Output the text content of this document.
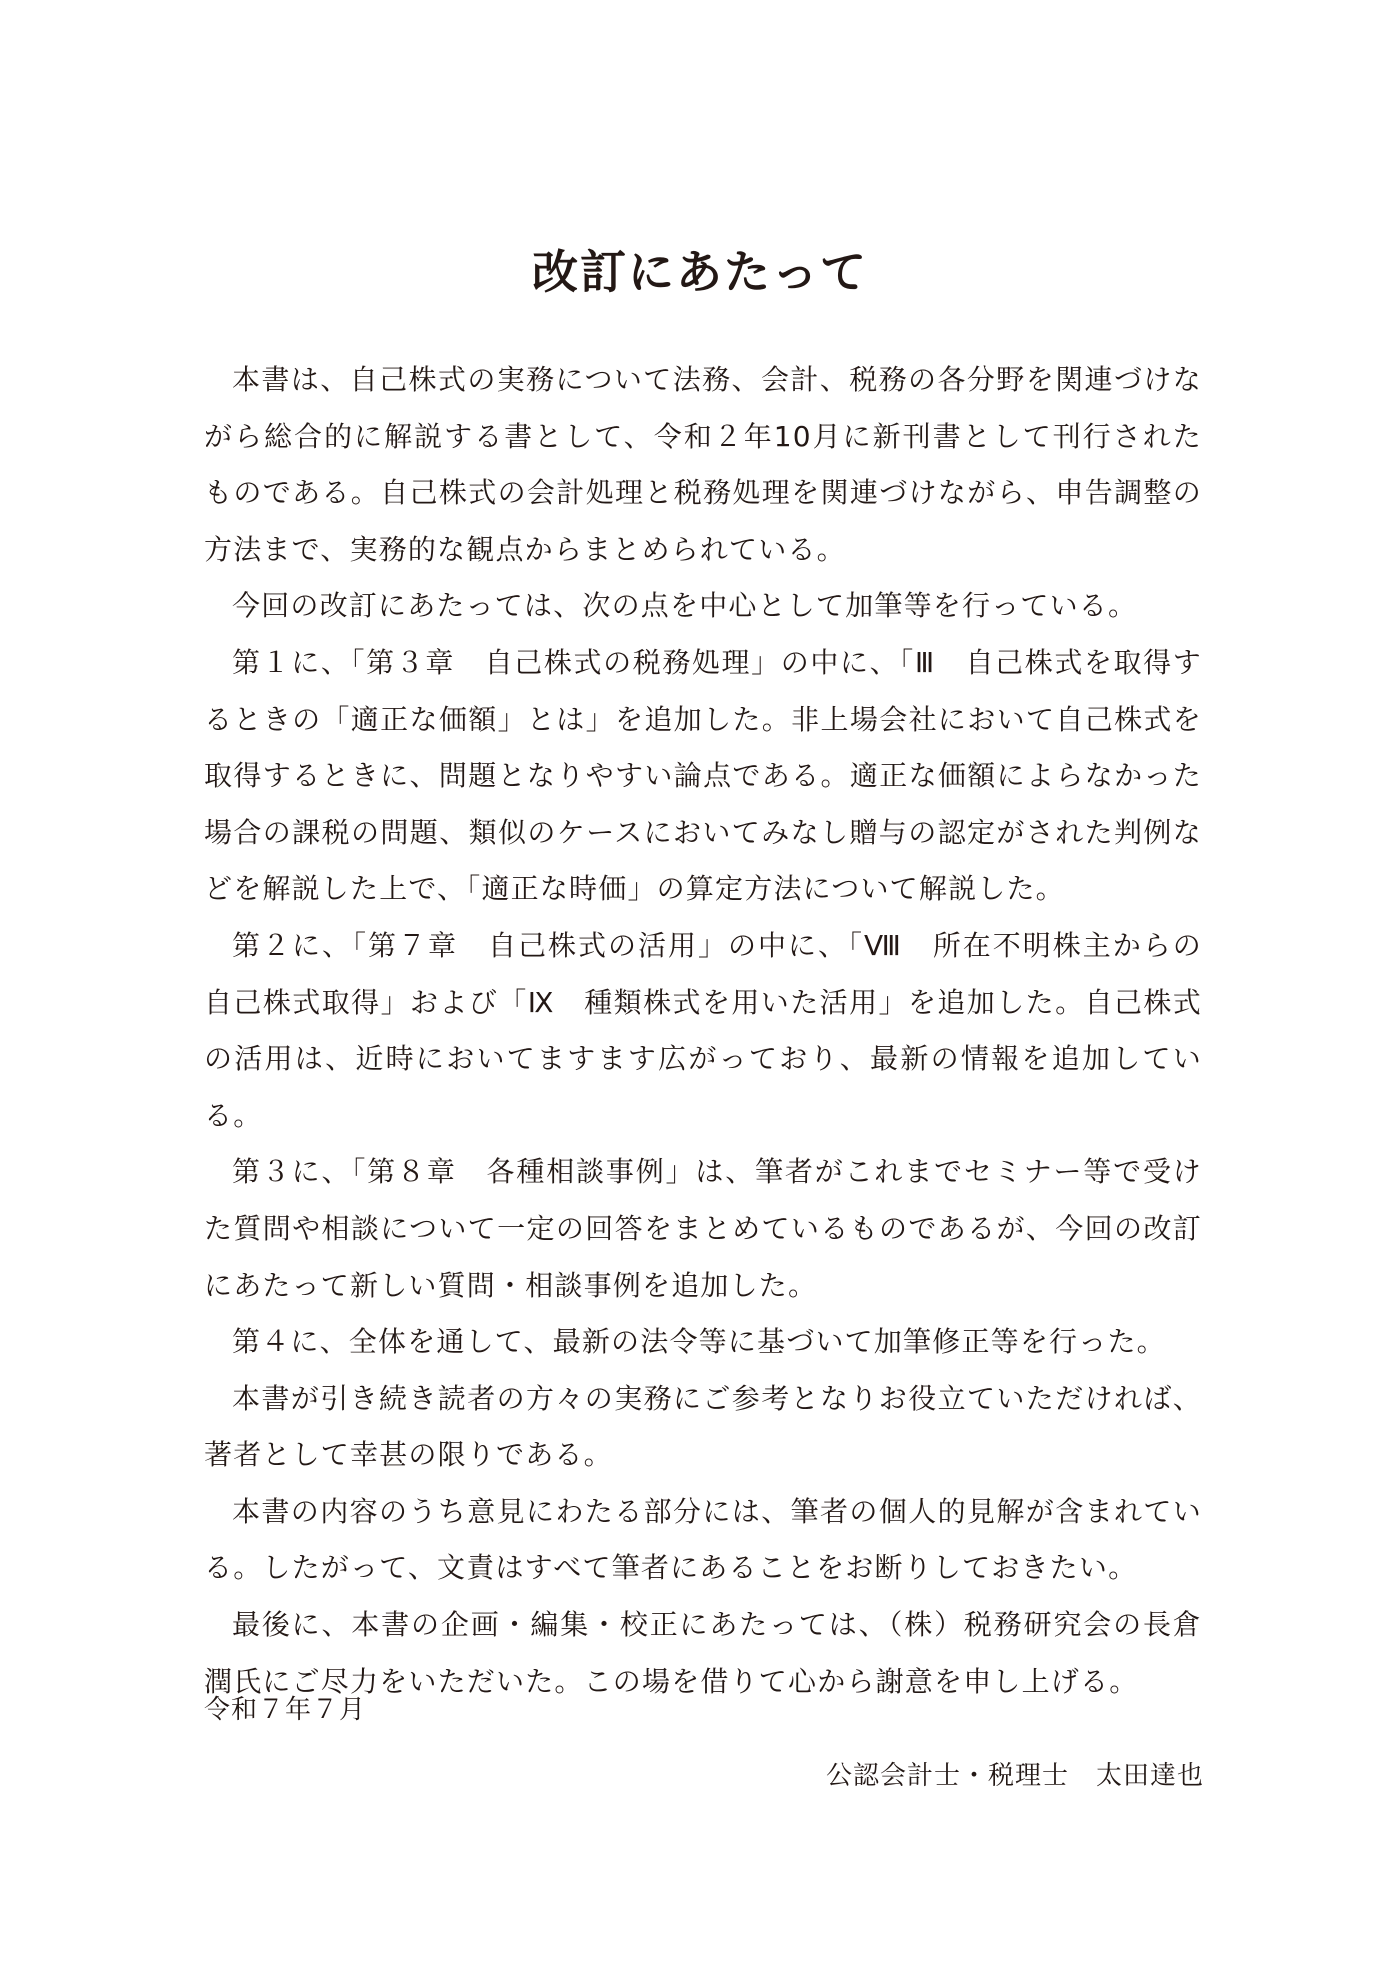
改訂にあたって

本書は、自己株式の実務について法務、会計、税務の各分野を関連づけながら総合的に解説する書として、令和２年10月に新刊書として刊行されたものである。自己株式の会計処理と税務処理を関連づけながら、申告調整の方法まで、実務的な観点からまとめられている。

今回の改訂にあたっては、次の点を中心として加筆等を行っている。

第１に、「第３章　自己株式の税務処理」の中に、「Ⅲ　自己株式を取得するときの「適正な価額」とは」を追加した。非上場会社において自己株式を取得するときに、問題となりやすい論点である。適正な価額によらなかった場合の課税の問題、類似のケースにおいてみなし贈与の認定がされた判例などを解説した上で、「適正な時価」の算定方法について解説した。

第２に、「第７章　自己株式の活用」の中に、「Ⅷ　所在不明株主からの自己株式取得」および「Ⅸ　種類株式を用いた活用」を追加した。自己株式の活用は、近時においてますます広がっており、最新の情報を追加している。

第３に、「第８章　各種相談事例」は、筆者がこれまでセミナー等で受けた質問や相談について一定の回答をまとめているものであるが、今回の改訂にあたって新しい質問・相談事例を追加した。

第４に、全体を通して、最新の法令等に基づいて加筆修正等を行った。

本書が引き続き読者の方々の実務にご参考となりお役立ていただければ、著者として幸甚の限りである。

本書の内容のうち意見にわたる部分には、筆者の個人的見解が含まれている。したがって、文責はすべて筆者にあることをお断りしておきたい。

最後に、本書の企画・編集・校正にあたっては、（株）税務研究会の長倉潤氏にご尽力をいただいた。この場を借りて心から謝意を申し上げる。

令和７年７月
公認会計士・税理士　太田達也
